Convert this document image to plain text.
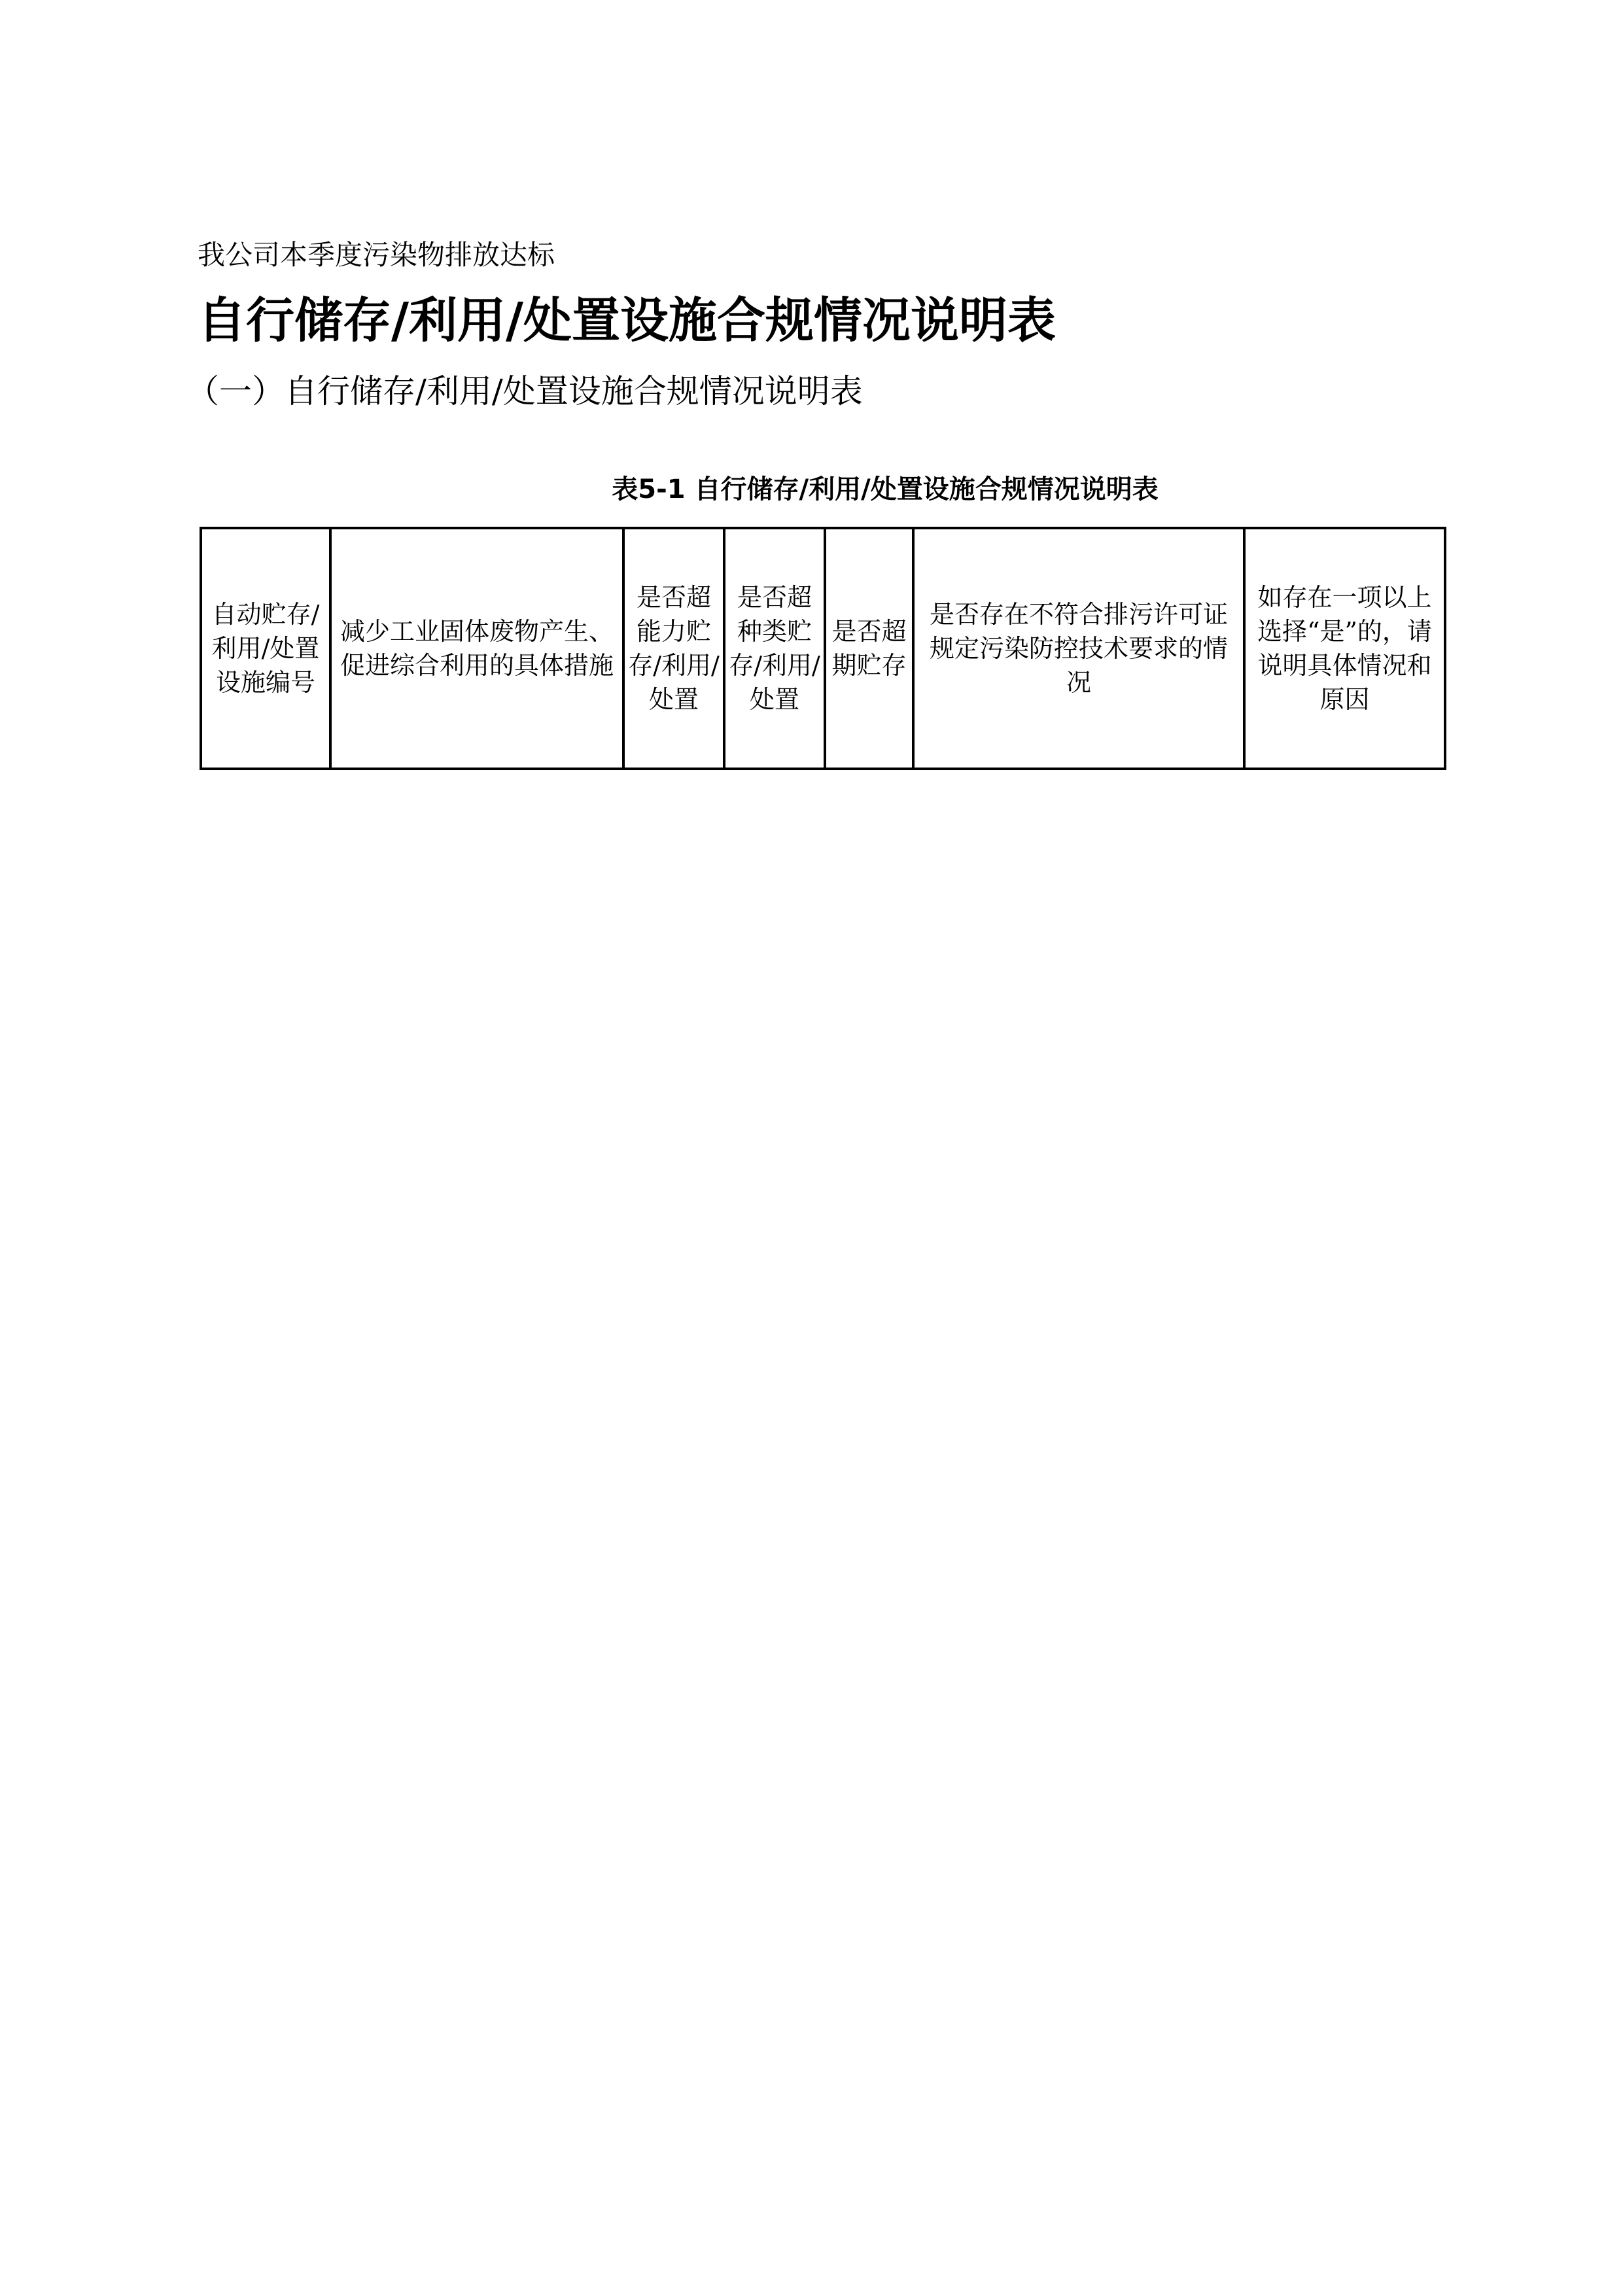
我公司本季度污染物排放达标
自行储存/利用/处置设施合规情况说明表
（一）自行储存/利用/处置设施合规情况说明表
表5-1 自行储存/利用/处置设施合规情况说明表
自动贮存/利用/处置设施编号	减少工业固体废物产生、促进综合利用的具体措施	是否超能力贮存/利用/处置	是否超种类贮存/利用/处置	是否超期贮存	是否存在不符合排污许可证规定污染防控技术要求的情况	如存在一项以上选择“是”的，请说明具体情况和原因
